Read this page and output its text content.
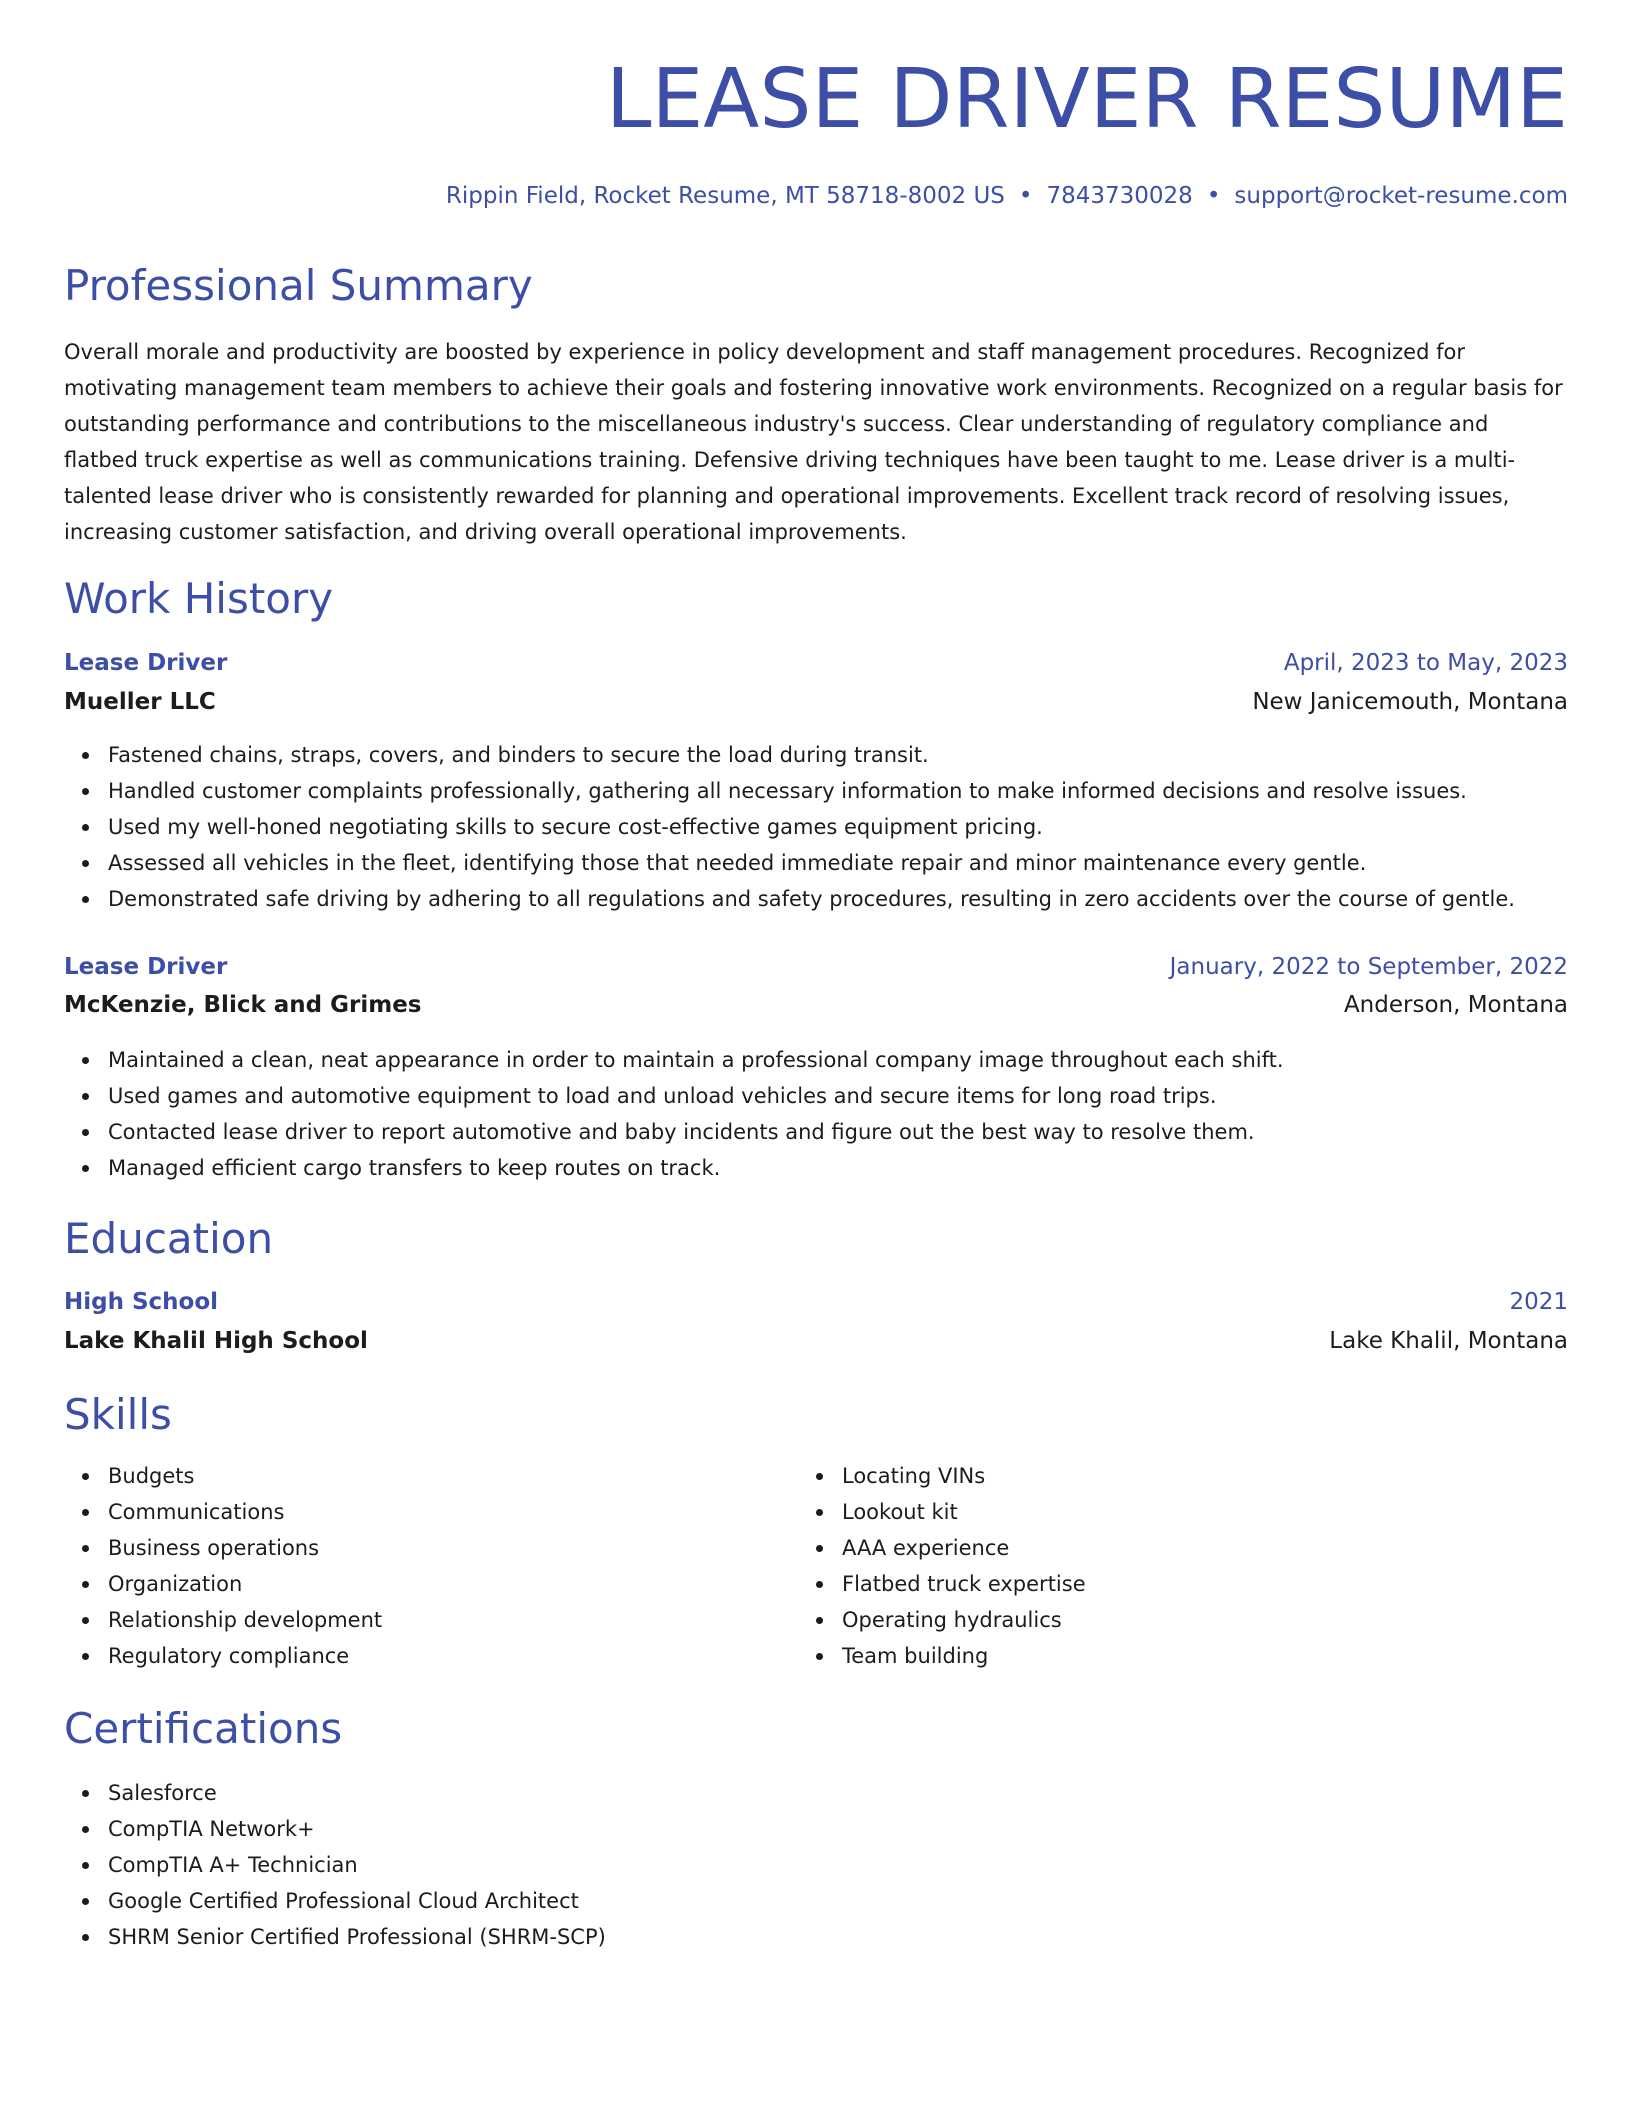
LEASE DRIVER RESUME
Rippin Field, Rocket Resume, MT 58718-8002 US • 7843730028 • support@rocket-resume.com
Professional Summary

Overall morale and productivity are boosted by experience in policy development and staff management procedures. Recognized for motivating management team members to achieve their goals and fostering innovative work environments. Recognized on a regular basis for outstanding performance and contributions to the miscellaneous industry's success. Clear understanding of regulatory compliance and flatbed truck expertise as well as communications training. Defensive driving techniques have been taught to me. Lease driver is a multi-talented lease driver who is consistently rewarded for planning and operational improvements. Excellent track record of resolving issues, increasing customer satisfaction, and driving overall operational improvements.

Work History
Lease Driver	April, 2023 to May, 2023
Mueller LLC	New Janicemouth, Montana
Fastened chains, straps, covers, and binders to secure the load during transit.
Handled customer complaints professionally, gathering all necessary information to make informed decisions and resolve issues.
Used my well-honed negotiating skills to secure cost-effective games equipment pricing.
Assessed all vehicles in the fleet, identifying those that needed immediate repair and minor maintenance every gentle.
Demonstrated safe driving by adhering to all regulations and safety procedures, resulting in zero accidents over the course of gentle.
Lease Driver	January, 2022 to September, 2022
McKenzie, Blick and Grimes	Anderson, Montana
Maintained a clean, neat appearance in order to maintain a professional company image throughout each shift.
Used games and automotive equipment to load and unload vehicles and secure items for long road trips.
Contacted lease driver to report automotive and baby incidents and figure out the best way to resolve them.
Managed efficient cargo transfers to keep routes on track.
Education
High School	2021
Lake Khalil High School	Lake Khalil, Montana
Skills
Budgets
Communications
Business operations
Organization
Relationship development
Regulatory compliance
Locating VINs
Lookout kit
AAA experience
Flatbed truck expertise
Operating hydraulics
Team building
Certifications
Salesforce
CompTIA Network+
CompTIA A+ Technician
Google Certified Professional Cloud Architect
SHRM Senior Certified Professional (SHRM-SCP)
